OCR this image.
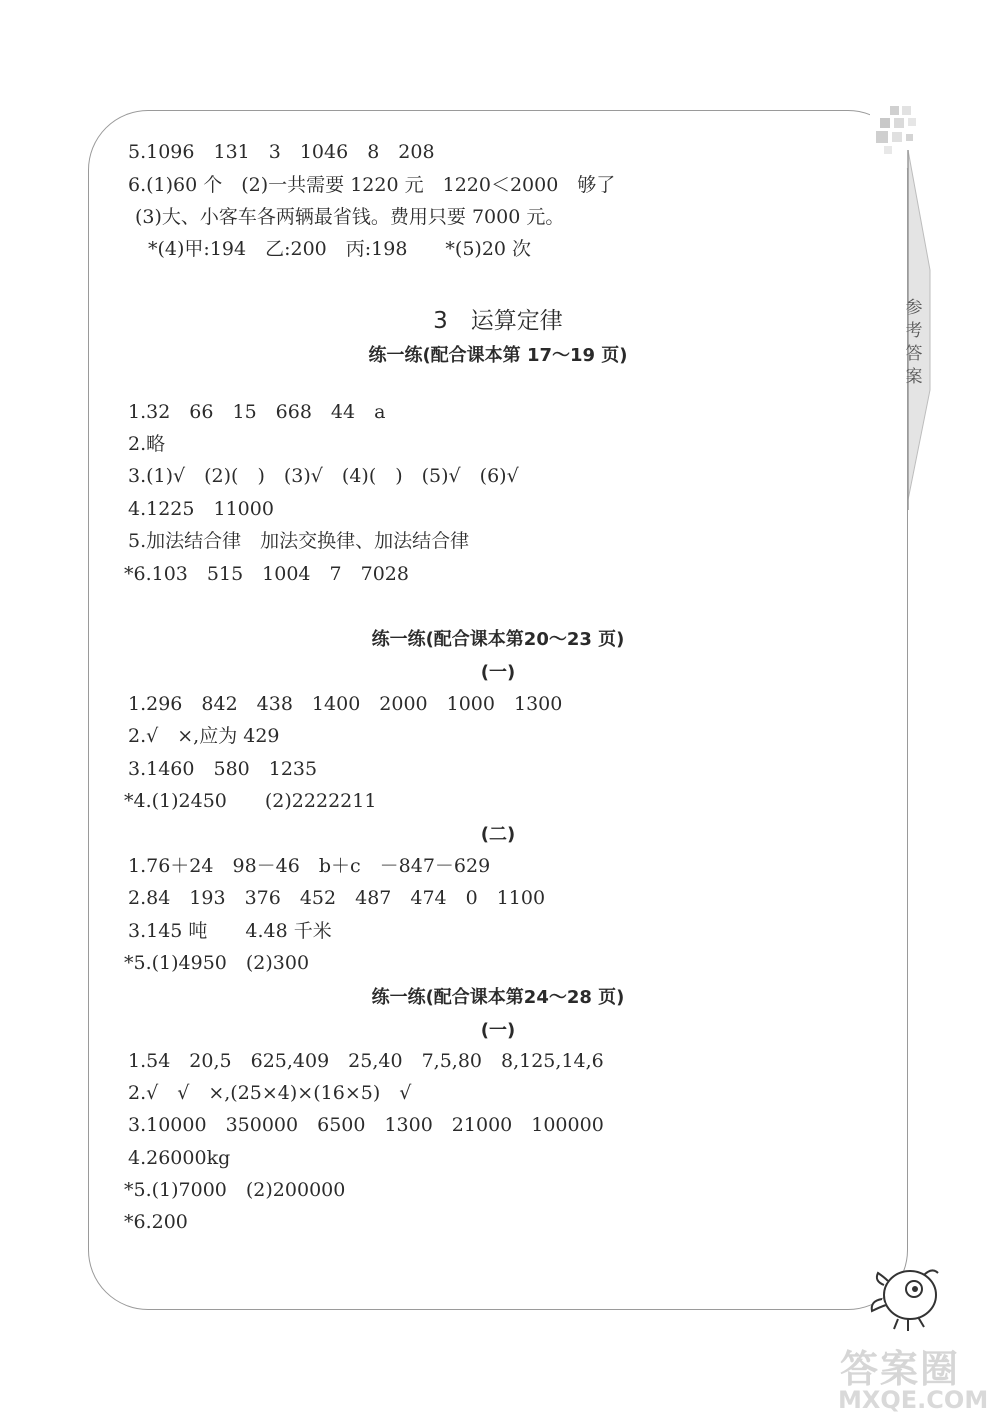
参考答案
5.1096　131　3　1046　8　208
6.(1)60 个　(2)一共需要 1220 元　1220＜2000　够了
(3)大、小客车各两辆最省钱。费用只要 7000 元。
*(4)甲:194　乙:200　丙:198　　*(5)20 次
3　运算定律
练一练(配合课本第 17～19 页)
1.32　66　15　668　44　a
2.略
3.(1)√　(2)(　)　(3)√　(4)(　)　(5)√　(6)√
4.1225　11000
5.加法结合律　加法交换律、加法结合律
*6.103　515　1004　7　7028
练一练(配合课本第20～23 页)
(一)
1.296　842　438　1400　2000　1000　1300
2.√　×,应为 429
3.1460　580　1235
*4.(1)2450　　(2)2222211
(二)
1.76＋24　98－46　b＋c　－847－629
2.84　193　376　452　487　474　0　1100
3.145 吨　　4.48 千米
*5.(1)4950　(2)300
练一练(配合课本第24～28 页)
(一)
1.54　20,5　625,409　25,40　7,5,80　8,125,14,6
2.√　√　×,(25×4)×(16×5)　√
3.10000　350000　6500　1300　21000　100000
4.26000kg
*5.(1)7000　(2)200000
*6.200
答案圈
MXQE.COM
